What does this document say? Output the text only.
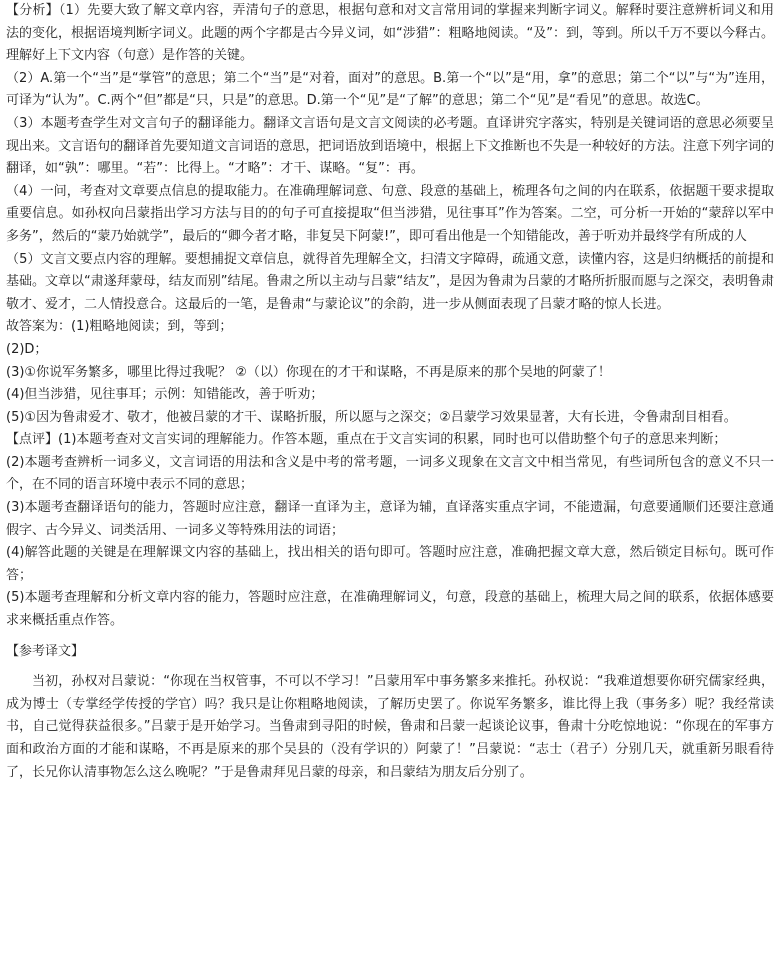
【分析】（1）先要大致了解文章内容，弄清句子的意思，根据句意和对文言常用词的掌握来判断字词义。解释时要注意辨析词义和用法的变化，根据语境判断字词义。此题的两个字都是古今异义词，如“涉猎”：粗略地阅读。“及”：到，等到。所以千万不要以今释古。理解好上下文内容（句意）是作答的关键。

（2）A.第一个“当”是“掌管”的意思；第二个“当”是“对着，面对”的意思。B.第一个“以”是“用，拿”的意思；第二个“以”与“为”连用，可译为“认为”。C.两个“但”都是“只，只是”的意思。D.第一个“见”是“了解”的意思；第二个“见”是“看见”的意思。故选C。

（3）本题考查学生对文言句子的翻译能力。翻译文言语句是文言文阅读的必考题。直译讲究字落实，特别是关键词语的意思必须要呈现出来。文言语句的翻译首先要知道文言词语的意思，把词语放到语境中，根据上下文推断也不失是一种较好的方法。注意下列字词的翻译，如“孰”：哪里。“若”：比得上。“才略”：才干、谋略。“复”：再。

（4）一问，考查对文章要点信息的提取能力。在准确理解词意、句意、段意的基础上，梳理各句之间的内在联系，依据题干要求提取重要信息。如孙权向吕蒙指出学习方法与目的的句子可直接提取“但当涉猎，见往事耳”作为答案。二空，可分析一开始的“蒙辞以军中多务”，然后的“蒙乃始就学”，最后的“卿今者才略，非复吴下阿蒙!”，即可看出他是一个知错能改，善于听劝并最终学有所成的人

（5）文言文要点内容的理解。要想捕捉文章信息，就得首先理解全文，扫清文字障碍，疏通文意，读懂内容，这是归纳概括的前提和基础。文章以“肃遂拜蒙母，结友而别”结尾。鲁肃之所以主动与吕蒙“结友”，是因为鲁肃为吕蒙的才略所折服而愿与之深交，表明鲁肃敬才、爱才，二人情投意合。这最后的一笔，是鲁肃“与蒙论议”的余韵，进一步从侧面表现了吕蒙才略的惊人长进。

故答案为：(1)粗略地阅读；到，等到；

(2)D；

(3)①你说军务繁多，哪里比得过我呢？ ②（以）你现在的才干和谋略，不再是原来的那个吴地的阿蒙了！

(4)但当涉猎，见往事耳；示例：知错能改，善于听劝；

(5)①因为鲁肃爱才、敬才，他被吕蒙的才干、谋略折服，所以愿与之深交；②吕蒙学习效果显著，大有长进，令鲁肃刮目相看。

【点评】(1)本题考查对文言实词的理解能力。作答本题，重点在于文言实词的积累，同时也可以借助整个句子的意思来判断；

(2)本题考查辨析一词多义，文言词语的用法和含义是中考的常考题，一词多义现象在文言文中相当常见，有些词所包含的意义不只一个，在不同的语言环境中表示不同的意思；

(3)本题考查翻译语句的能力，答题时应注意，翻译一直译为主，意译为辅，直译落实重点字词，不能遗漏，句意要通顺们还要注意通假字、古今异义、词类活用、一词多义等特殊用法的词语；

(4)解答此题的关键是在理解课文内容的基础上，找出相关的语句即可。答题时应注意，准确把握文章大意，然后锁定目标句。既可作答；

(5)本题考查理解和分析文章内容的能力，答题时应注意，在准确理解词义，句意，段意的基础上，梳理大局之间的联系，依据体感要求来概括重点作答。

【参考译文】

当初，孙权对吕蒙说：“你现在当权管事，不可以不学习！”吕蒙用军中事务繁多来推托。孙权说：“我难道想要你研究儒家经典，成为博士（专掌经学传授的学官）吗？我只是让你粗略地阅读，了解历史罢了。你说军务繁多，谁比得上我（事务多）呢？我经常读书，自己觉得获益很多。”吕蒙于是开始学习。当鲁肃到寻阳的时候，鲁肃和吕蒙一起谈论议事，鲁肃十分吃惊地说：“你现在的军事方面和政治方面的才能和谋略，不再是原来的那个吴县的（没有学识的）阿蒙了！”吕蒙说：“志士（君子）分别几天，就重新另眼看待了，长兄你认清事物怎么这么晚呢？”于是鲁肃拜见吕蒙的母亲，和吕蒙结为朋友后分别了。
